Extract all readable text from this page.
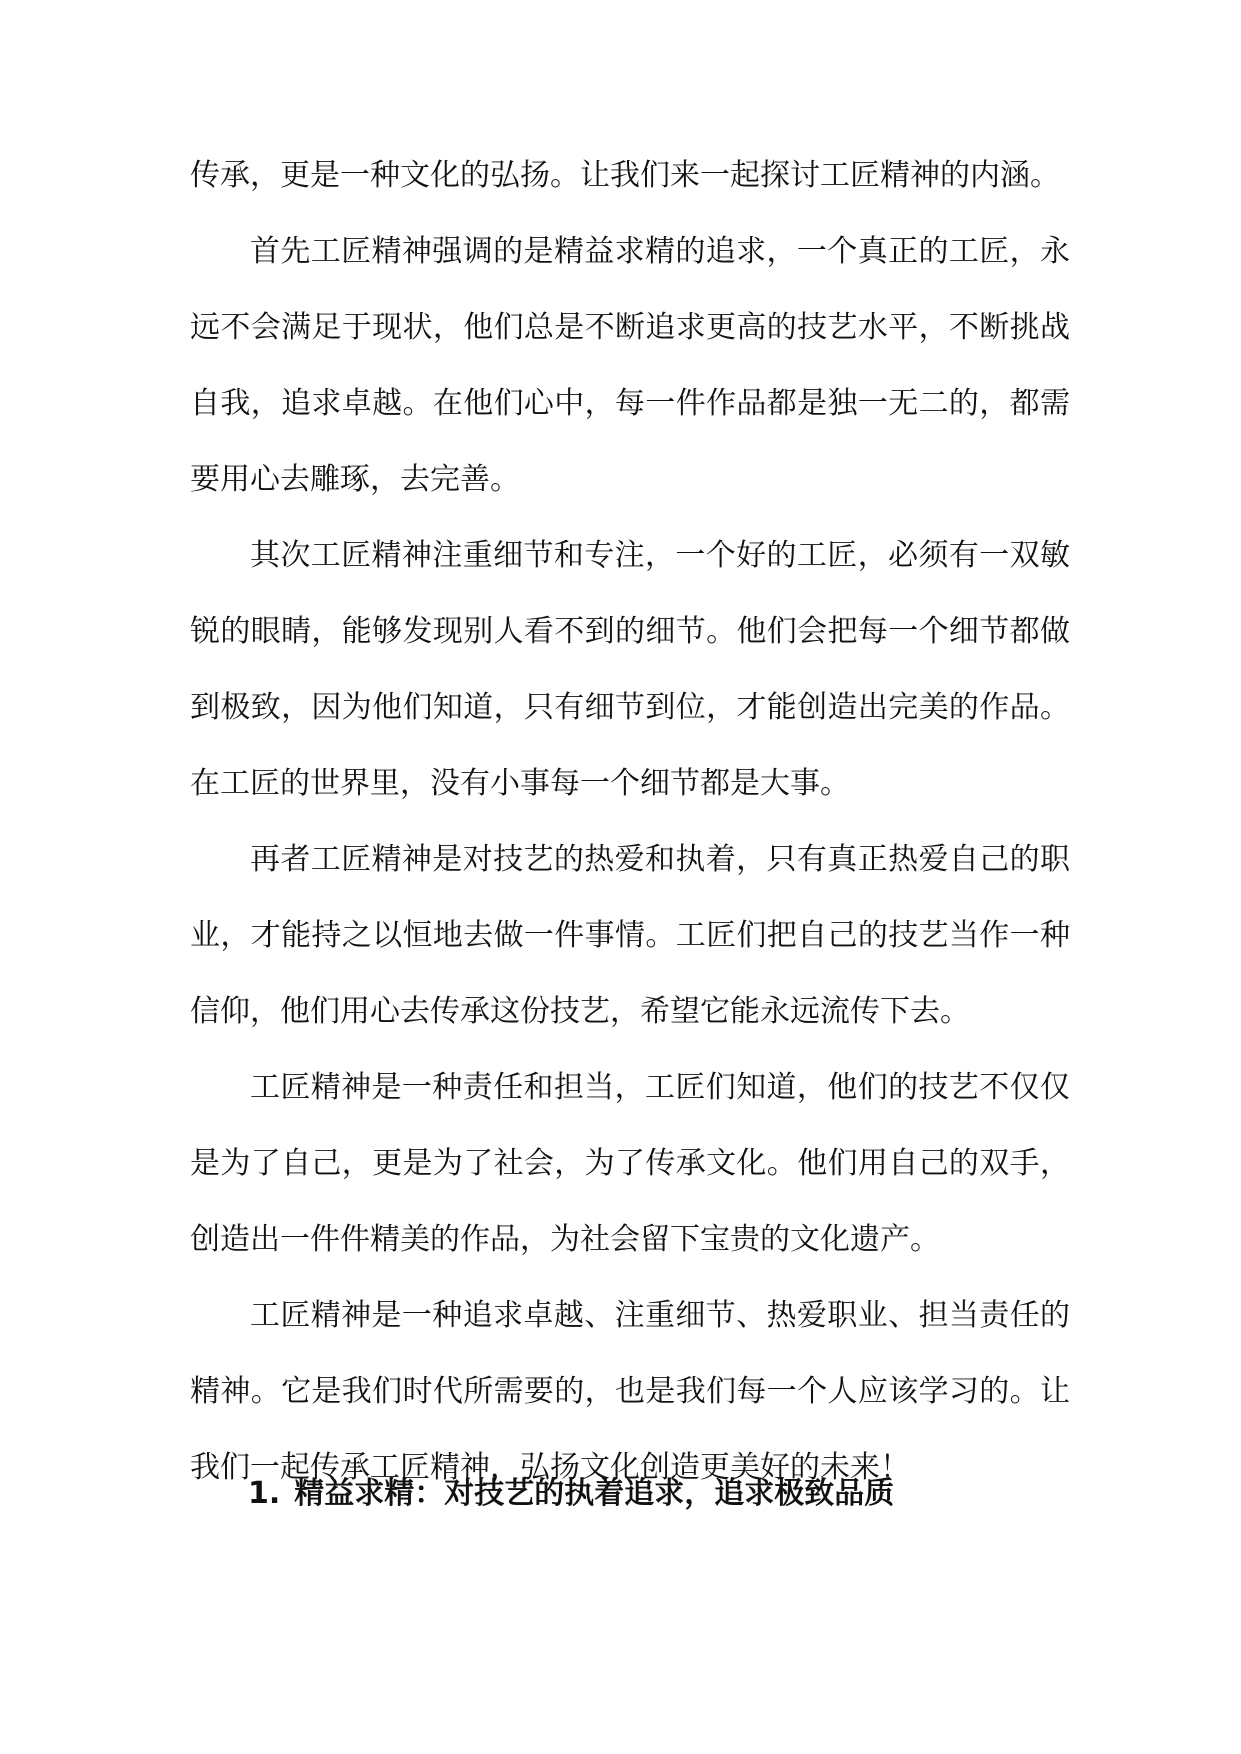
传承，更是一种文化的弘扬。让我们来一起探讨工匠精神的内涵。

首先工匠精神强调的是精益求精的追求，一个真正的工匠，永远不会满足于现状，他们总是不断追求更高的技艺水平，不断挑战自我，追求卓越。在他们心中，每一件作品都是独一无二的，都需要用心去雕琢，去完善。

其次工匠精神注重细节和专注，一个好的工匠，必须有一双敏锐的眼睛，能够发现别人看不到的细节。他们会把每一个细节都做到极致，因为他们知道，只有细节到位，才能创造出完美的作品。在工匠的世界里，没有小事每一个细节都是大事。

再者工匠精神是对技艺的热爱和执着，只有真正热爱自己的职业，才能持之以恒地去做一件事情。工匠们把自己的技艺当作一种信仰，他们用心去传承这份技艺，希望它能永远流传下去。

工匠精神是一种责任和担当，工匠们知道，他们的技艺不仅仅是为了自己，更是为了社会，为了传承文化。他们用自己的双手，创造出一件件精美的作品，为社会留下宝贵的文化遗产。

工匠精神是一种追求卓越、注重细节、热爱职业、担当责任的精神。它是我们时代所需要的，也是我们每一个人应该学习的。让我们一起传承工匠精神，弘扬文化创造更美好的未来！

1. 精益求精：对技艺的执着追求，追求极致品质
